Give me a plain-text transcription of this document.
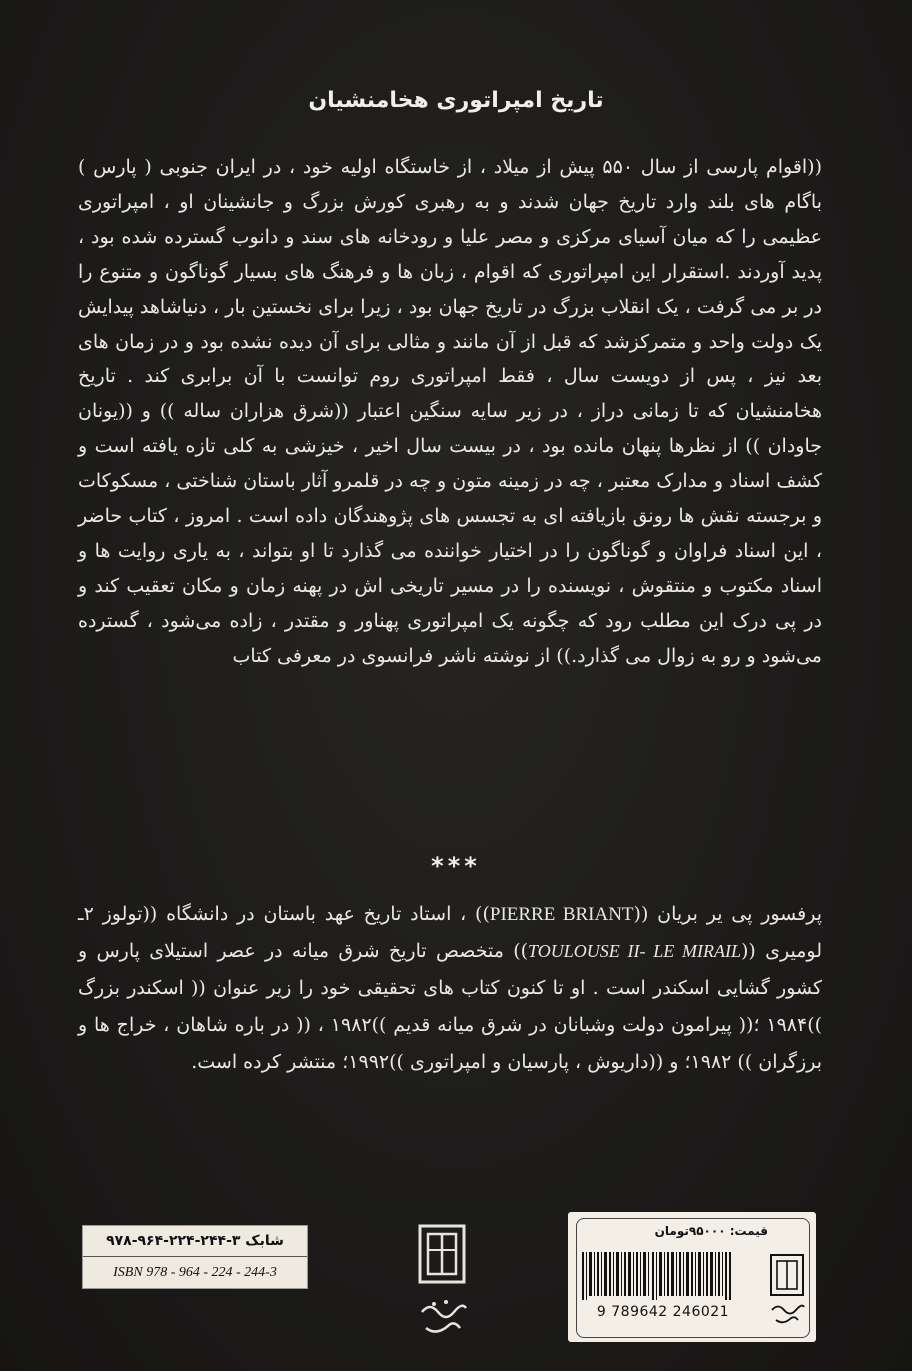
تاریخ امپراتوری هخامنشیان
((اقوام پارسی از سال ۵۵۰ پیش از میلاد ، از خاستگاه اولیه خود ، در ایران جنوبی ( پارس ) باگام های بلند وارد تاریخ جهان شدند و به رهبری کورش بزرگ و جانشینان او ، امپراتوری عظیمی را که میان آسیای مرکزی و مصر علیا و رودخانه های سند و دانوب گسترده شده بود ، پدید آوردند .استقرار این امپراتوری که اقوام ، زبان ها و فرهنگ های بسیار گوناگون و متنوع را در بر می گرفت ، یک انقلاب بزرگ در تاریخ جهان بود ، زیرا برای نخستین بار ، دنیاشاهد پیدایش یک دولت واحد و متمرکزشد که قبل از آن مانند و مثالی برای آن دیده نشده بود و در زمان های بعد نیز ، پس از دویست سال ، فقط امپراتوری روم توانست با آن برابری کند . تاریخ هخامنشیان که تا زمانی دراز ، در زیر سایه سنگین اعتبار ((شرق هزاران ساله )) و ((یونان جاودان )) از نظرها پنهان مانده بود ، در بیست سال اخیر ، خیزشی به کلی تازه یافته است و کشف اسناد و مدارک معتبر ، چه در زمینه متون و چه در قلمرو آثار باستان شناختی ، مسکوکات و برجسته نقش ها رونق بازیافته ای به تجسس های پژوهندگان داده است . امروز ، کتاب حاضر ، این اسناد فراوان و گوناگون را در اختیار خواننده می گذارد تا او بتواند ، به یاری روایت ها و اسناد مکتوب و منتقوش ، نویسنده را در مسیر تاریخی اش در پهنه زمان و مکان تعقیب کند و در پی درک این مطلب رود که چگونه یک امپراتوری پهناور و مقتدر ، زاده می‌شود ، گسترده می‌شود و رو به زوال می گذارد.)) از نوشته ناشر فرانسوی در معرفی کتاب
***
پرفسور پی یر بریان ((PIERRE BRIANT)) ، استاد تاریخ عهد باستان در دانشگاه ((تولوز ۲ـ لومیری ((TOULOUSE II- LE MIRAIL)) متخصص تاریخ شرق میانه در عصر استیلای پارس و کشور گشایی اسکندر است . او تا کنون کتاب های تحقیقی خود را زیر عنوان (( اسکندر بزرگ ))۱۹۸۴ ؛(( پیرامون دولت وشبانان در شرق میانه قدیم ))۱۹۸۲ ، (( در باره شاهان ، خراج ها و برزگران )) ۱۹۸۲؛ و ((داریوش ، پارسیان و امپراتوری ))۱۹۹۲؛ منتشر کرده است.
شابک ۳-۲۴۴-۲۲۴-۹۶۴-۹۷۸
ISBN 978 - 964 - 224 - 244-3
قیمت: ۹۵۰۰۰تومان
9 789642 246021
